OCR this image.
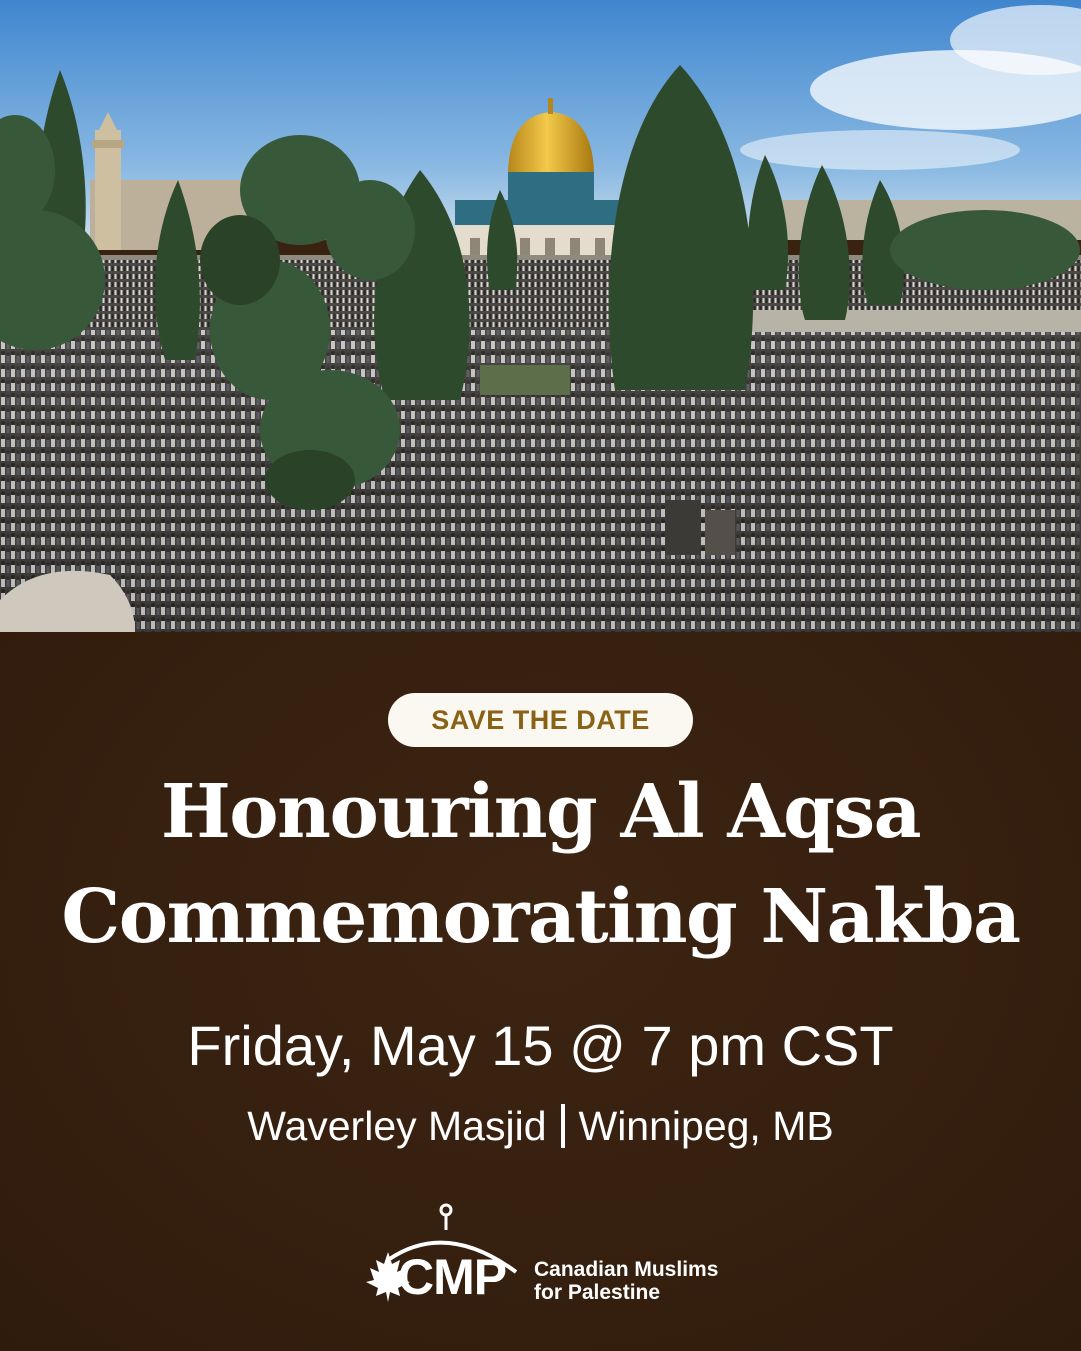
SAVE THE DATE
Honouring Al Aqsa
Commemorating Nakba
Friday, May 15 @ 7 pm CST
Waverley Masjid Winnipeg, MB
CMP Canadian Muslims
for Palestine
